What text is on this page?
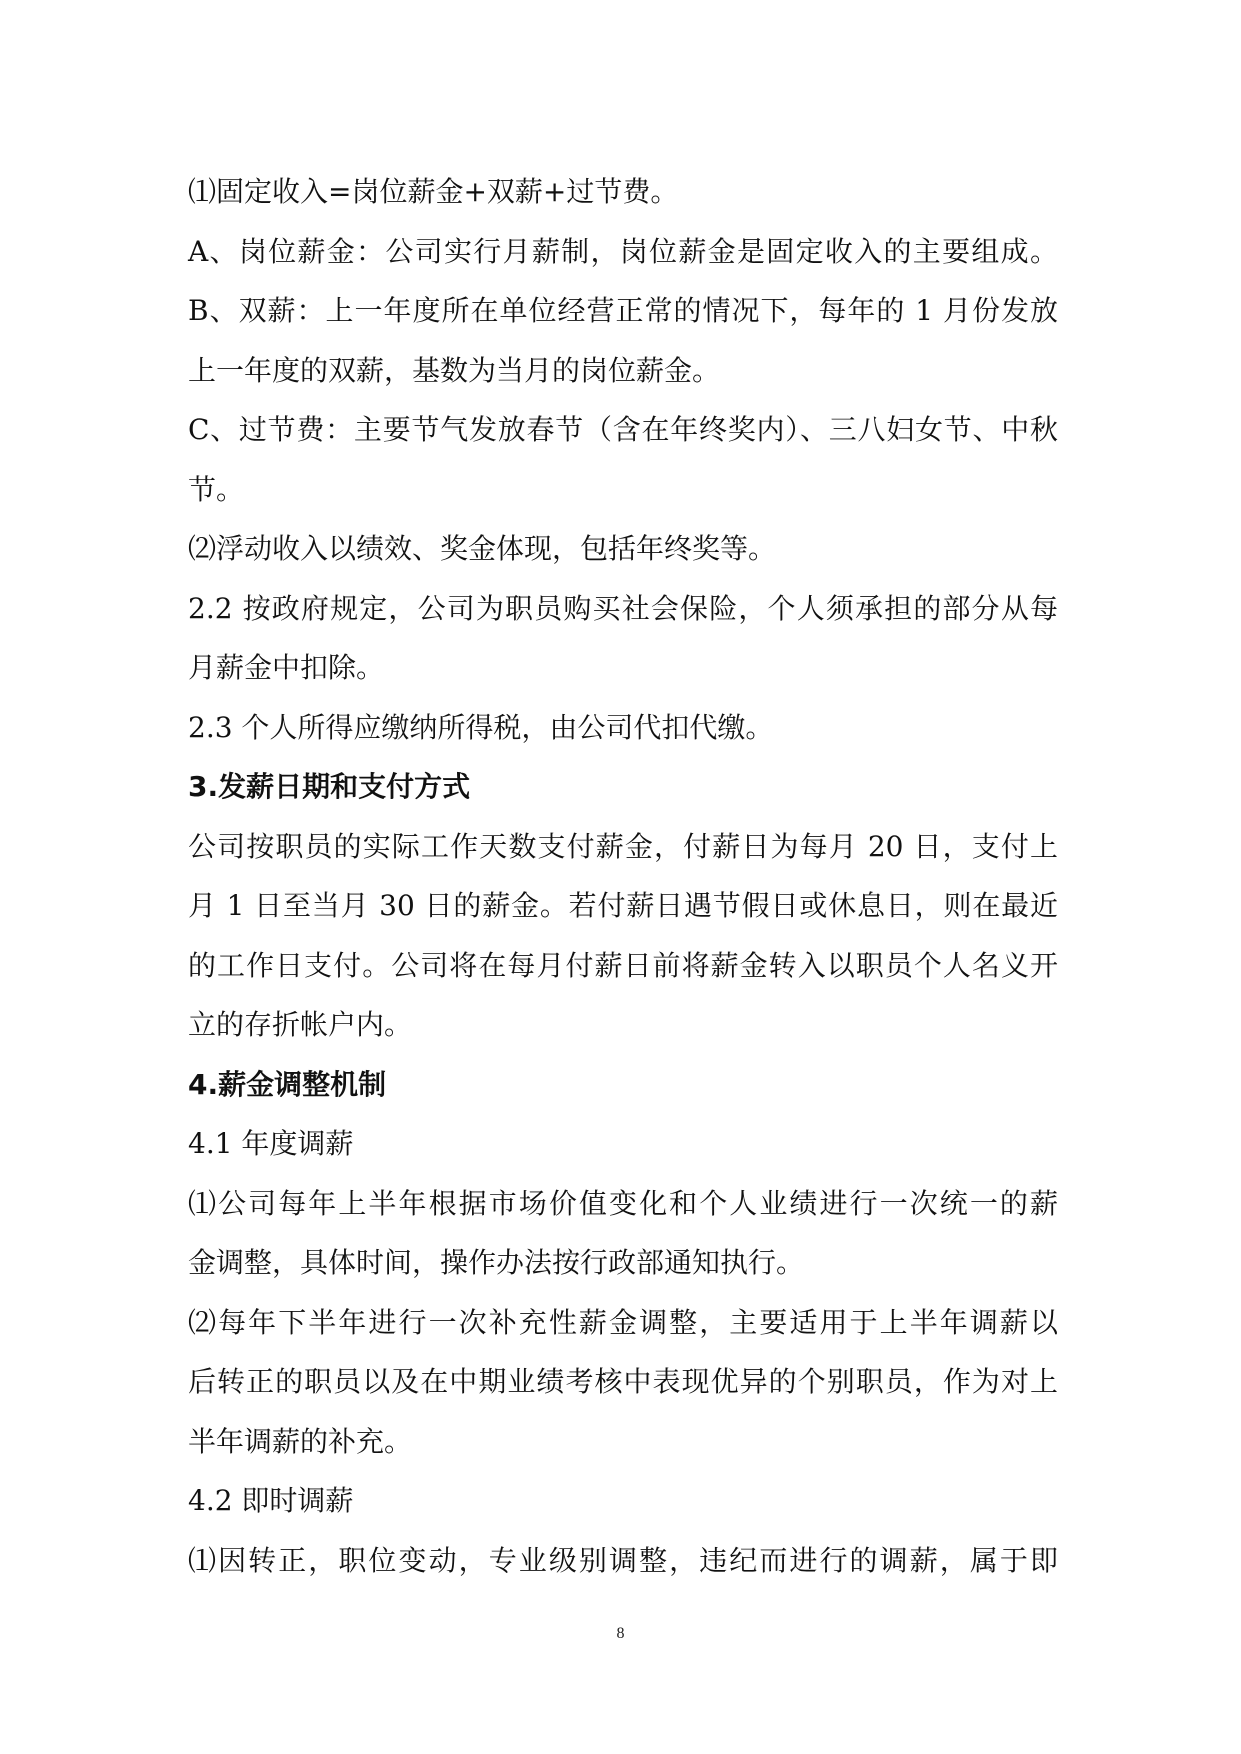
⑴固定收入=岗位薪金+双薪+过节费。
A、岗位薪金：公司实行月薪制，岗位薪金是固定收入的主要组成。
B、双薪：上一年度所在单位经营正常的情况下，每年的 1 月份发放
上一年度的双薪，基数为当月的岗位薪金。
C、过节费：主要节气发放春节（含在年终奖内）、三八妇女节、中秋
节。
⑵浮动收入以绩效、奖金体现，包括年终奖等。
2.2 按政府规定，公司为职员购买社会保险，个人须承担的部分从每
月薪金中扣除。
2.3 个人所得应缴纳所得税，由公司代扣代缴。
3.发薪日期和支付方式
公司按职员的实际工作天数支付薪金，付薪日为每月 20 日，支付上
月 1 日至当月 30 日的薪金。若付薪日遇节假日或休息日，则在最近
的工作日支付。公司将在每月付薪日前将薪金转入以职员个人名义开
立的存折帐户内。
4.薪金调整机制
4.1 年度调薪
⑴公司每年上半年根据市场价值变化和个人业绩进行一次统一的薪
金调整，具体时间，操作办法按行政部通知执行。
⑵每年下半年进行一次补充性薪金调整，主要适用于上半年调薪以
后转正的职员以及在中期业绩考核中表现优异的个别职员，作为对上
半年调薪的补充。
4.2 即时调薪
⑴因转正，职位变动，专业级别调整，违纪而进行的调薪，属于即
8
